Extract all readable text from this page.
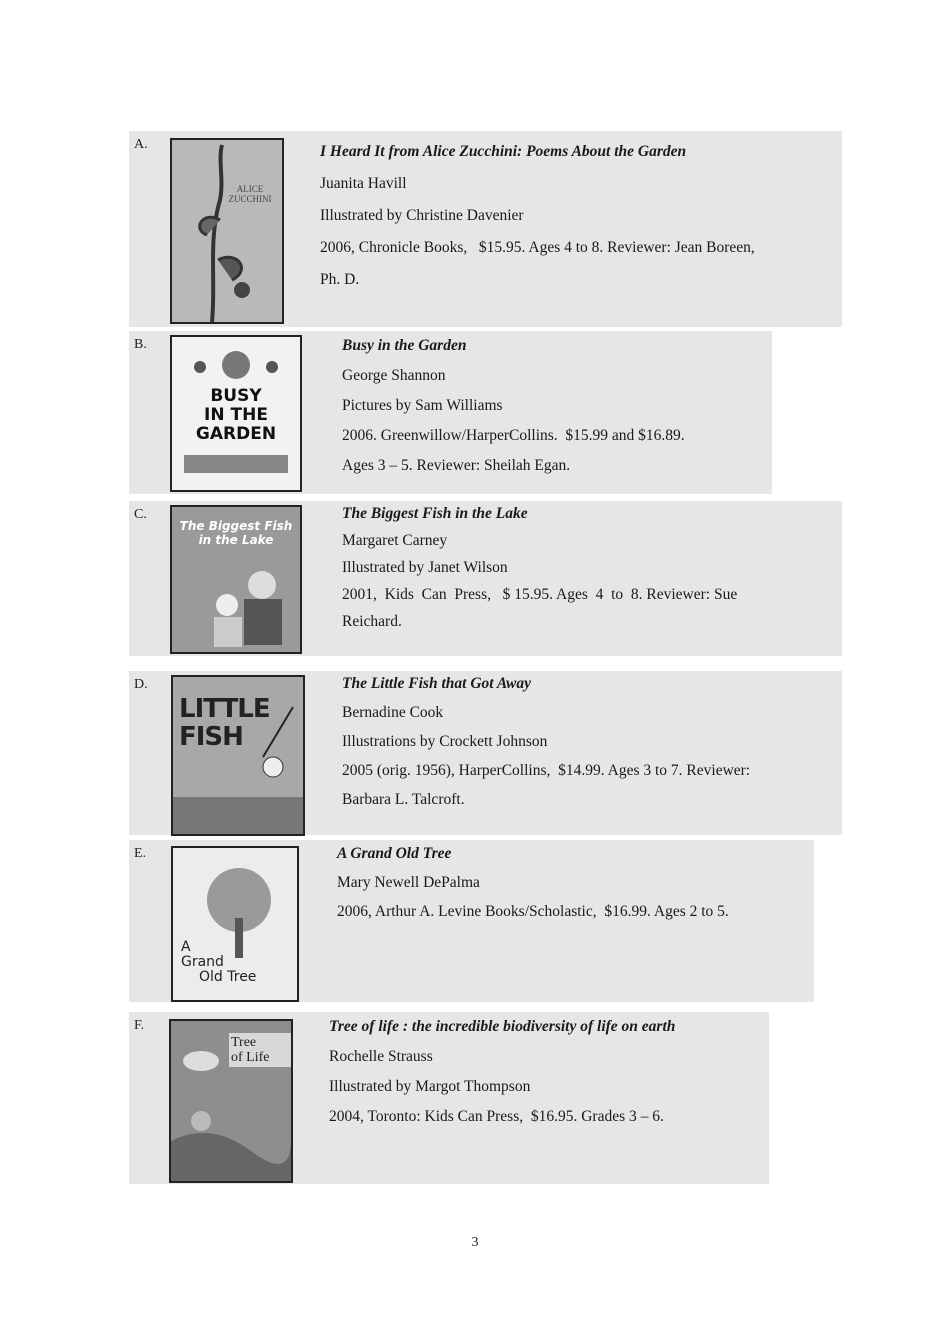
A.
ALICE
ZUCCHINI
I Heard It from Alice Zucchini: Poems About the Garden
Juanita Havill
Illustrated by Christine Davenier
2006, Chronicle Books,   $15.95. Ages 4 to 8. Reviewer: Jean Boreen,
Ph. D.
B.
BUSY
IN THE
GARDEN
Busy in the Garden
George Shannon
Pictures by Sam Williams
2006. Greenwillow/HarperCollins.  $15.99 and $16.89.
Ages 3 – 5. Reviewer: Sheilah Egan.
C.
The Biggest Fish
in the Lake
The Biggest Fish in the Lake
Margaret Carney
Illustrated by Janet Wilson
2001,  Kids  Can  Press,   $ 15.95. Ages  4  to  8. Reviewer: Sue
Reichard.
D.
LITTLE
FISH
The Little Fish that Got Away
Bernadine Cook
Illustrations by Crockett Johnson
2005 (orig. 1956), HarperCollins,  $14.99. Ages 3 to 7. Reviewer:
Barbara L. Talcroft.
E.
A
Grand
Old Tree
A Grand Old Tree
Mary Newell DePalma
2006, Arthur A. Levine Books/Scholastic,  $16.99. Ages 2 to 5.
F.
Tree
of Life
Tree of life : the incredible biodiversity of life on earth
Rochelle Strauss
Illustrated by Margot Thompson
2004, Toronto: Kids Can Press,  $16.95. Grades 3 – 6.
3
